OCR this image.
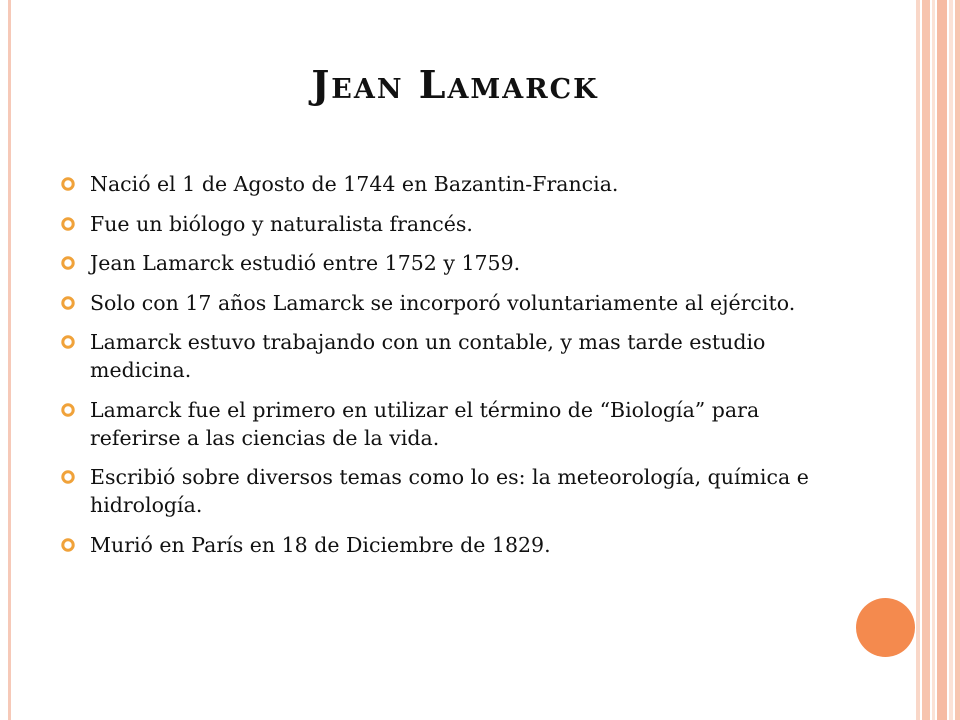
Jean Lamarck
Nació el 1 de Agosto de 1744 en Bazantin-Francia.
Fue un biólogo y naturalista francés.
Jean Lamarck estudió entre 1752 y 1759.
Solo con 17 años Lamarck se incorporó voluntariamente al ejército.
Lamarck estuvo trabajando con un contable, y mas tarde estudio medicina.
Lamarck fue el primero en utilizar el término de “Biología” para referirse a las ciencias de la vida.
Escribió sobre diversos temas como lo es: la meteorología, química e hidrología.
Murió en París en 18 de Diciembre de 1829.
